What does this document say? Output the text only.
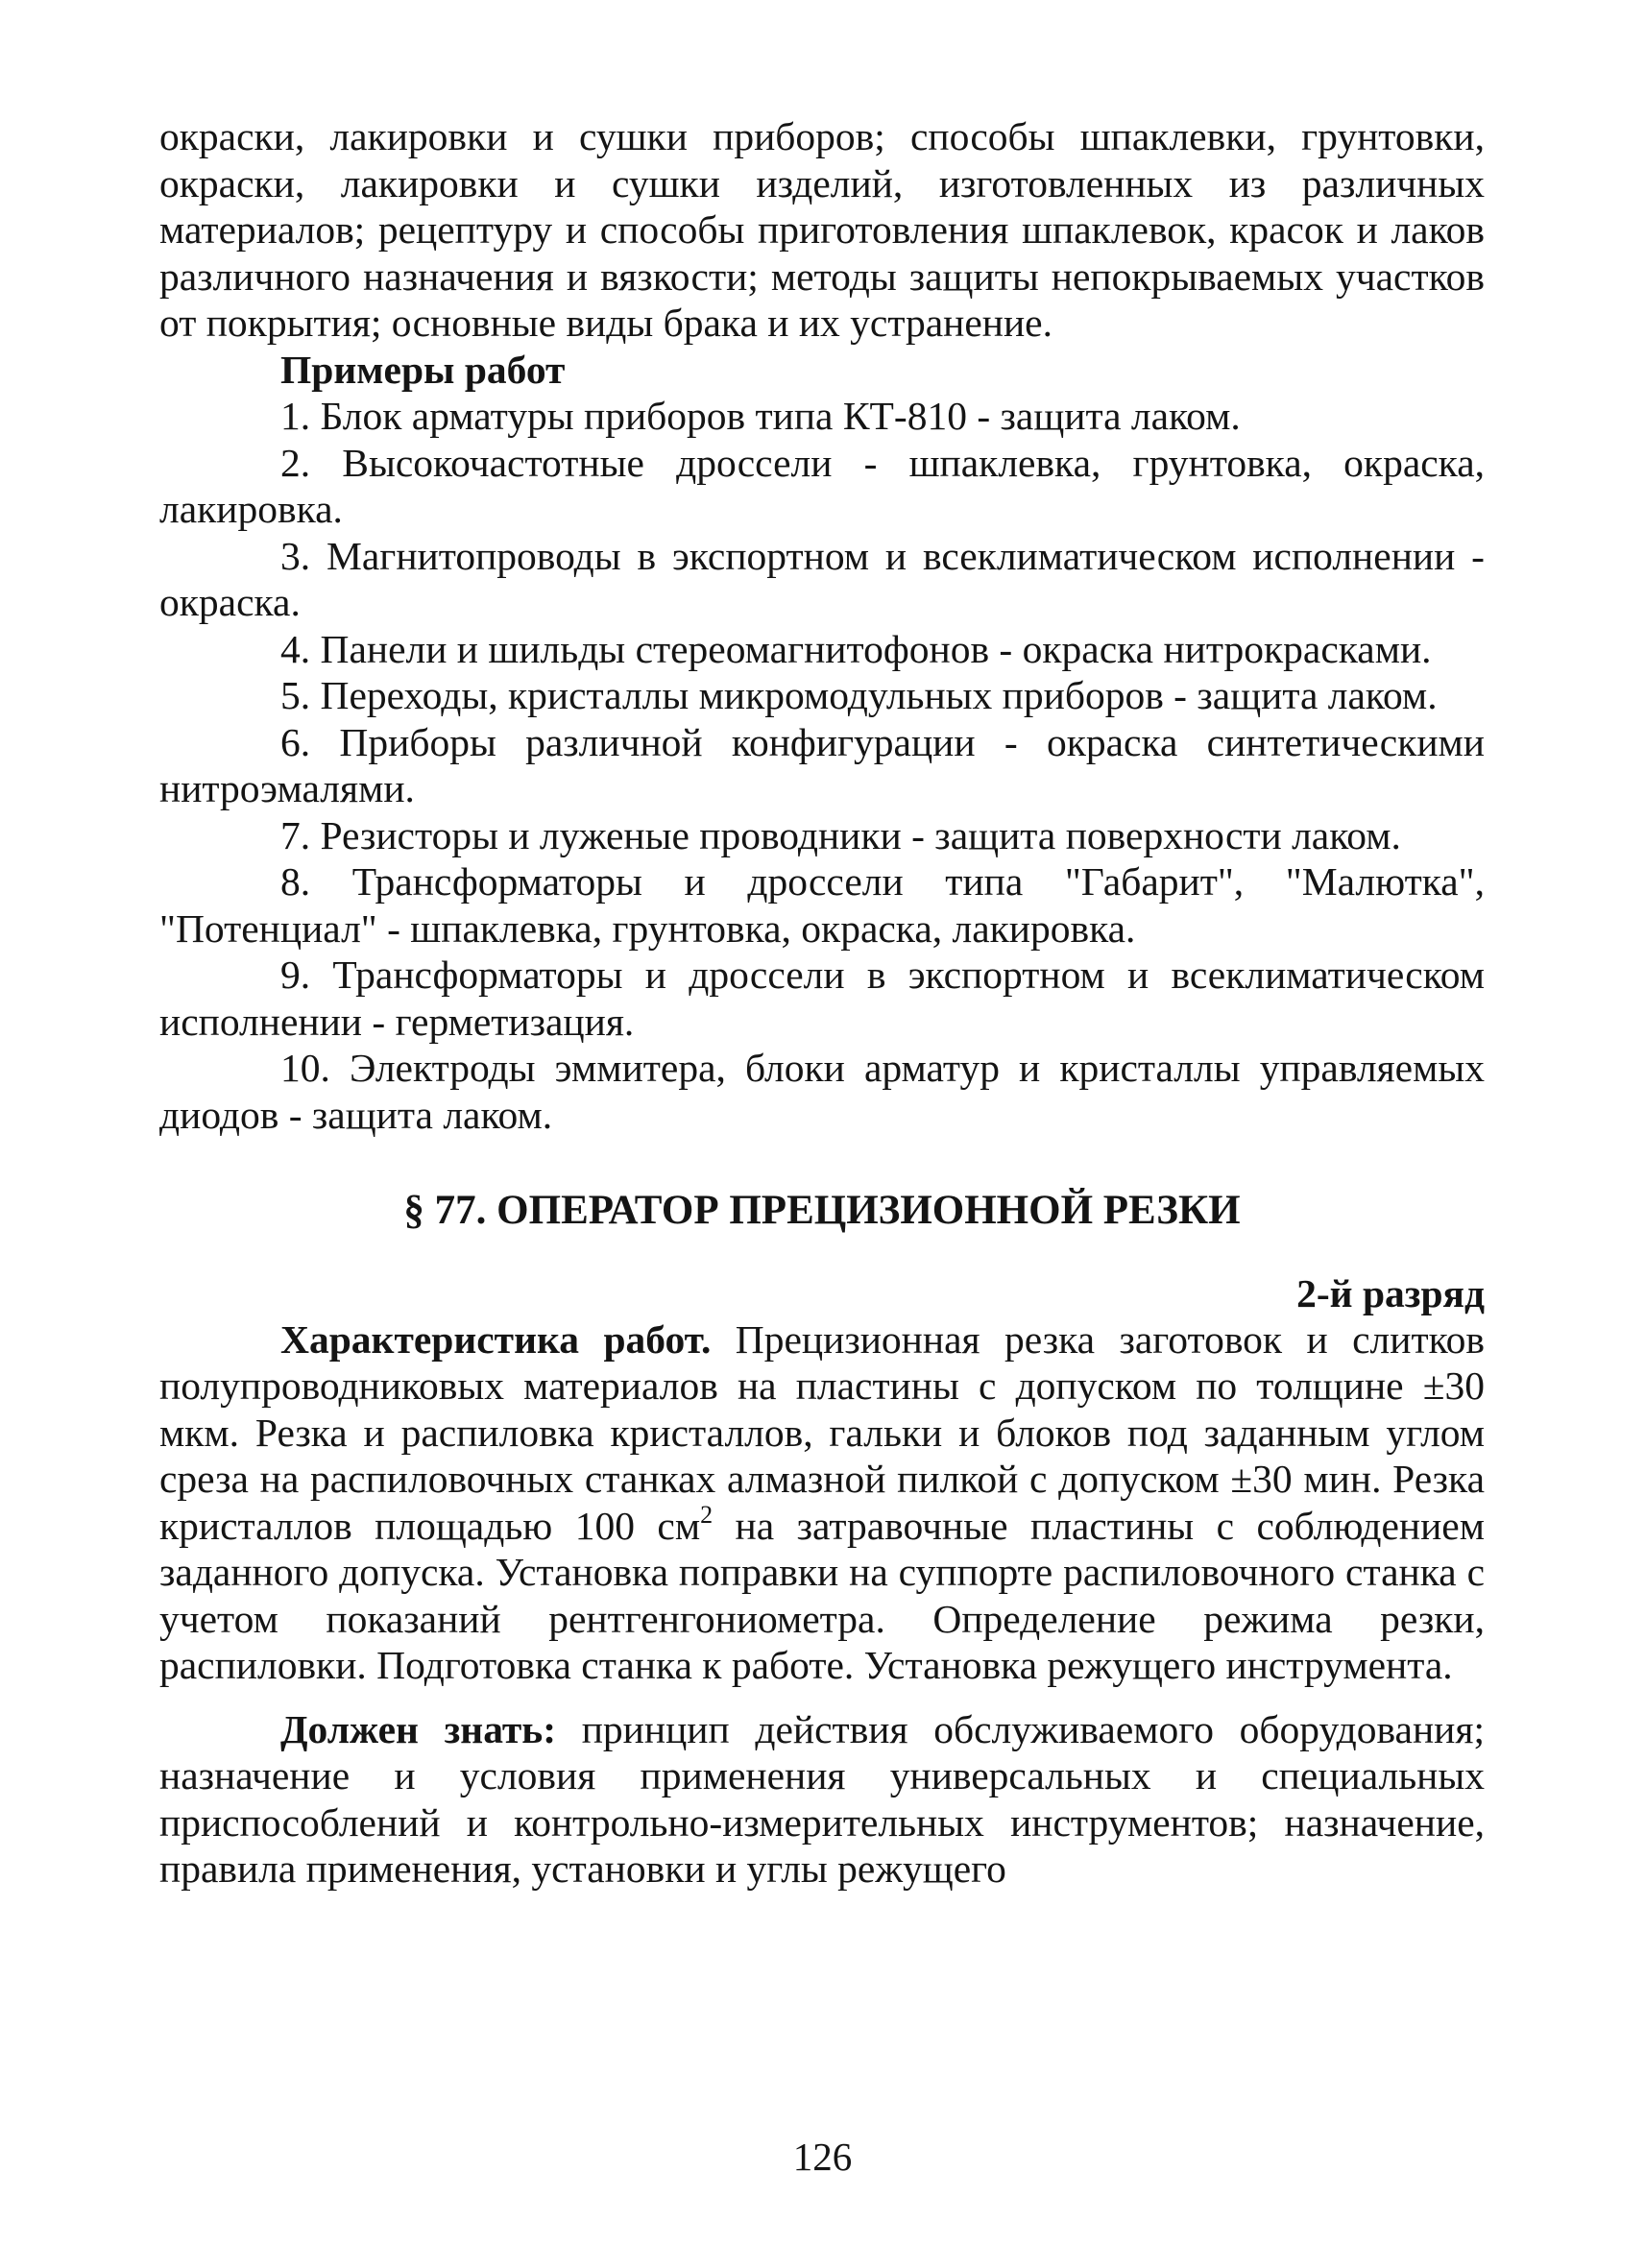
окраски, лакировки и сушки приборов; способы шпаклевки, грунтовки, окраски, лакировки и сушки изделий, изготовленных из различных материалов; рецептуру и способы приготовления шпаклевок, красок и лаков различного назначения и вязкости; методы защиты непокрываемых участков от покрытия; основные виды брака и их устранение.

Примеры работ

1. Блок арматуры приборов типа КТ-810 - защита лаком.

2. Высокочастотные дроссели - шпаклевка, грунтовка, окраска, лакировка.

3. Магнитопроводы в экспортном и всеклиматическом исполнении - окраска.

4. Панели и шильды стереомагнитофонов - окраска нитрокрасками.

5. Переходы, кристаллы микромодульных приборов - защита лаком.

6. Приборы различной конфигурации - окраска синтетическими нитроэмалями.

7. Резисторы и луженые проводники - защита поверхности лаком.

8. Трансформаторы и дроссели типа "Габарит", "Малютка", "Потенциал" - шпаклевка, грунтовка, окраска, лакировка.

9. Трансформаторы и дроссели в экспортном и всеклиматическом исполнении - герметизация.

10. Электроды эммитера, блоки арматур и кристаллы управляемых диодов - защита лаком.

§ 77. ОПЕРАТОР ПРЕЦИЗИОННОЙ РЕЗКИ

2-й разряд

Характеристика работ. Прецизионная резка заготовок и слитков полупроводниковых материалов на пластины с допуском по толщине ±30 мкм. Резка и распиловка кристаллов, гальки и блоков под заданным углом среза на распиловочных станках алмазной пилкой с допуском ±30 мин. Резка кристаллов площадью 100 $см^2$ на затравочные пластины с соблюдением заданного допуска. Установка поправки на суппорте распиловочного станка с учетом показаний рентгенгониометра. Определение режима резки, распиловки. Подготовка станка к работе. Установка режущего инструмента.

Должен знать: принцип действия обслуживаемого оборудования; назначение и условия применения универсальных и специальных приспособлений и контрольно-измерительных инструментов; назначение, правила применения, установки и углы режущего

126
